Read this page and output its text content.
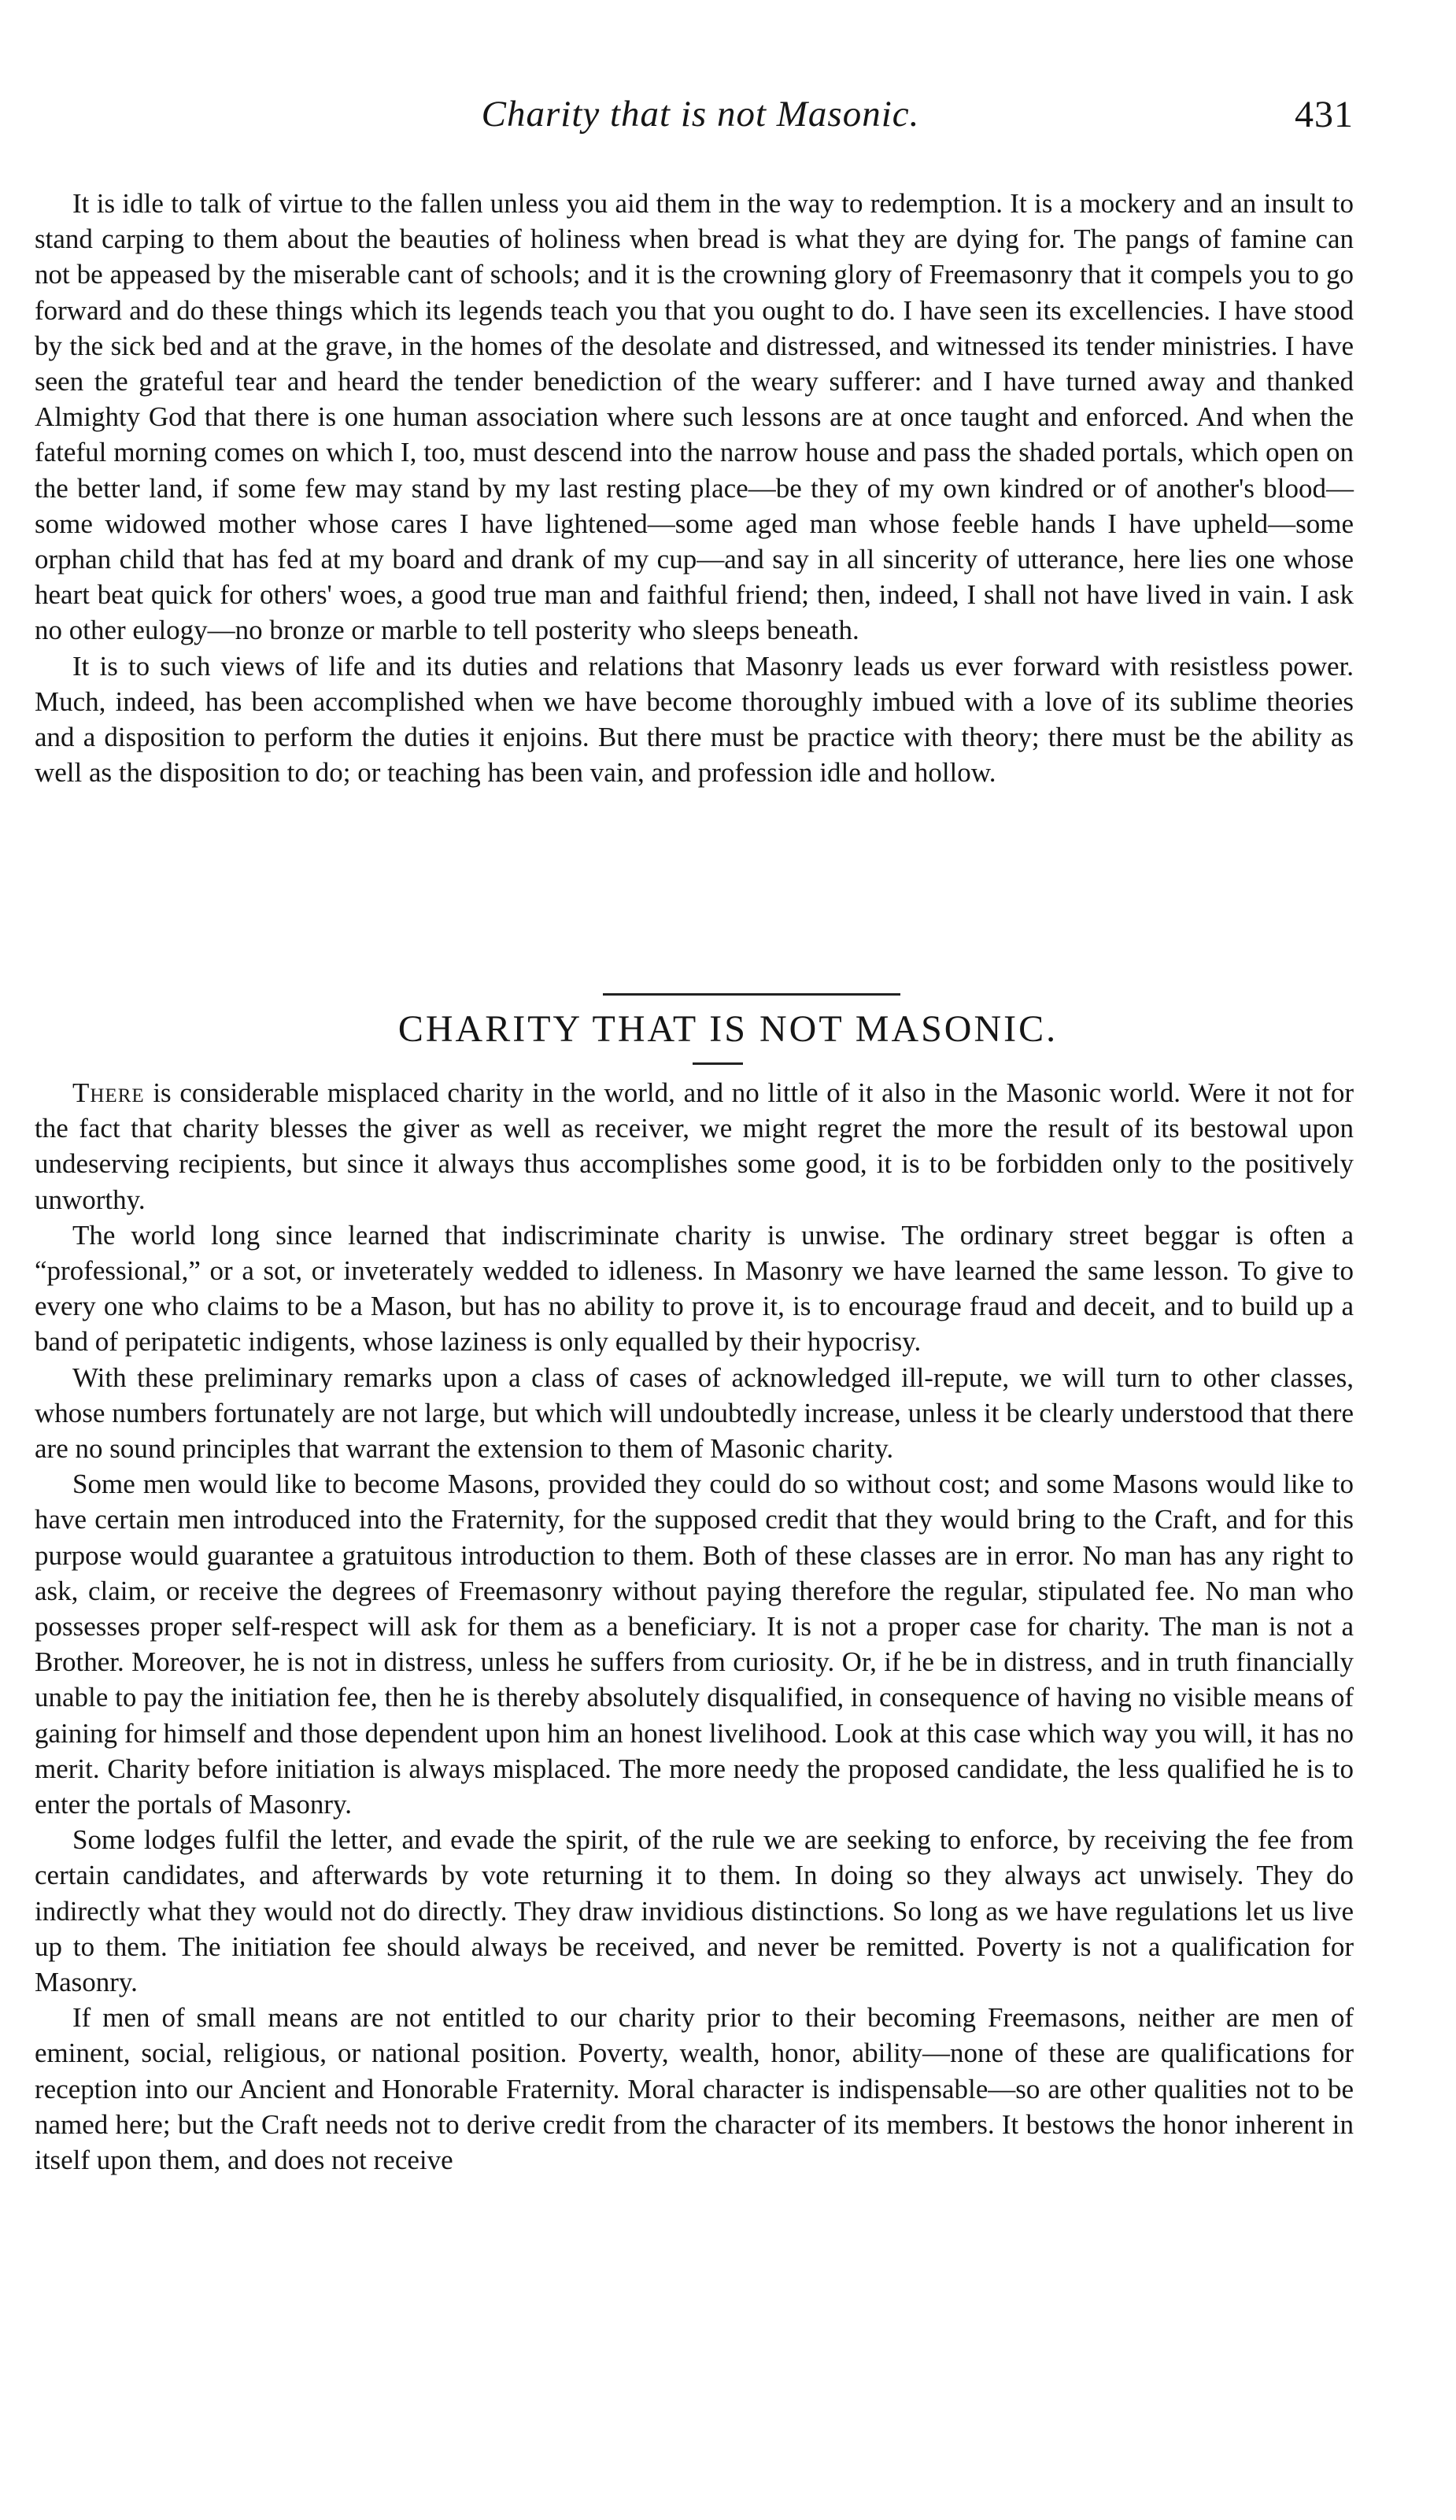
Charity that is not Masonic.	431

It is idle to talk of virtue to the fallen unless you aid them in the way to redemption. It is a mockery and an insult to stand carping to them about the beauties of holiness when bread is what they are dying for. The pangs of famine can not be appeased by the miserable cant of schools; and it is the crowning glory of Freemasonry that it compels you to go forward and do these things which its legends teach you that you ought to do. I have seen its excellencies. I have stood by the sick bed and at the grave, in the homes of the desolate and distressed, and witnessed its tender ministries. I have seen the grateful tear and heard the tender benediction of the weary sufferer: and I have turned away and thanked Almighty God that there is one human association where such lessons are at once taught and enforced. And when the fateful morning comes on which I, too, must descend into the narrow house and pass the shaded portals, which open on the better land, if some few may stand by my last resting place—be they of my own kindred or of another's blood—some widowed mother whose cares I have lightened—some aged man whose feeble hands I have upheld—some orphan child that has fed at my board and drank of my cup—and say in all sincerity of utterance, here lies one whose heart beat quick for others' woes, a good true man and faithful friend; then, indeed, I shall not have lived in vain. I ask no other eulogy—no bronze or marble to tell posterity who sleeps beneath.

It is to such views of life and its duties and relations that Masonry leads us ever forward with resistless power. Much, indeed, has been accomplished when we have become thoroughly imbued with a love of its sublime theories and a disposition to perform the duties it enjoins. But there must be practice with theory; there must be the ability as well as the disposition to do; or teaching has been vain, and profession idle and hollow.

CHARITY THAT IS NOT MASONIC.

There is considerable misplaced charity in the world, and no little of it also in the Masonic world. Were it not for the fact that charity blesses the giver as well as receiver, we might regret the more the result of its bestowal upon undeserving recipients, but since it always thus accomplishes some good, it is to be forbidden only to the positively unworthy.

The world long since learned that indiscriminate charity is unwise. The ordinary street beggar is often a “professional,” or a sot, or inveterately wedded to idleness. In Masonry we have learned the same lesson. To give to every one who claims to be a Mason, but has no ability to prove it, is to encourage fraud and deceit, and to build up a band of peripatetic indigents, whose laziness is only equalled by their hypocrisy.

With these preliminary remarks upon a class of cases of acknowledged ill-repute, we will turn to other classes, whose numbers fortunately are not large, but which will undoubtedly increase, unless it be clearly understood that there are no sound principles that warrant the extension to them of Masonic charity.

Some men would like to become Masons, provided they could do so without cost; and some Masons would like to have certain men introduced into the Fraternity, for the supposed credit that they would bring to the Craft, and for this purpose would guarantee a gratuitous introduction to them. Both of these classes are in error. No man has any right to ask, claim, or receive the degrees of Freemasonry without paying therefore the regular, stipulated fee. No man who possesses proper self-respect will ask for them as a beneficiary. It is not a proper case for charity. The man is not a Brother. Moreover, he is not in distress, unless he suffers from curiosity. Or, if he be in distress, and in truth financially unable to pay the initiation fee, then he is thereby absolutely disqualified, in consequence of having no visible means of gaining for himself and those dependent upon him an honest livelihood. Look at this case which way you will, it has no merit. Charity before initiation is always misplaced. The more needy the proposed candidate, the less qualified he is to enter the portals of Masonry.

Some lodges fulfil the letter, and evade the spirit, of the rule we are seeking to enforce, by receiving the fee from certain candidates, and afterwards by vote returning it to them. In doing so they always act unwisely. They do indirectly what they would not do directly. They draw invidious distinctions. So long as we have regulations let us live up to them. The initiation fee should always be received, and never be remitted. Poverty is not a qualification for Masonry.

If men of small means are not entitled to our charity prior to their becoming Freemasons, neither are men of eminent, social, religious, or national position. Poverty, wealth, honor, ability—none of these are qualifications for reception into our Ancient and Honorable Fraternity. Moral character is indispensable—so are other qualities not to be named here; but the Craft needs not to derive credit from the character of its members. It bestows the honor inherent in itself upon them, and does not receive
